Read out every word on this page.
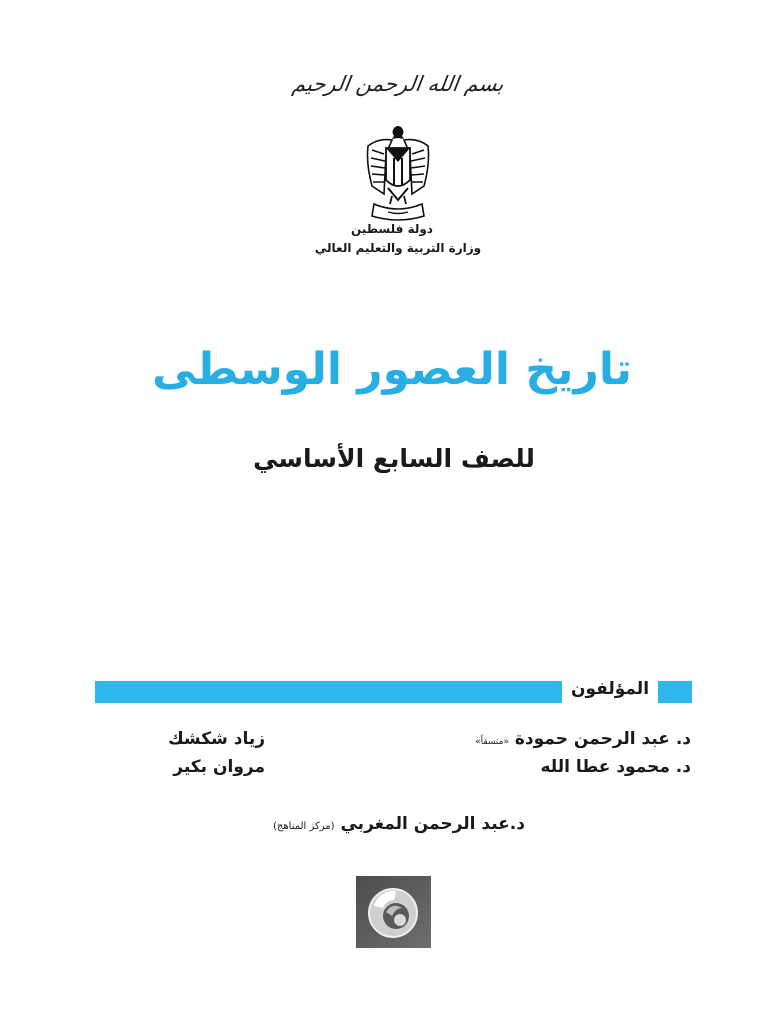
بسم الله الرحمن الرحيم
دولة فلسطين
وزارة التربية والتعليم العالي
تاريخ العصور الوسطى
للصف السابع الأساسي
المؤلفون
د. عبد الرحمن حمودة «منسقاً»
د. محمود عطا الله
زياد شكشك
مروان بكير
د.عبد الرحمن المغربي (مركز المناهج)
